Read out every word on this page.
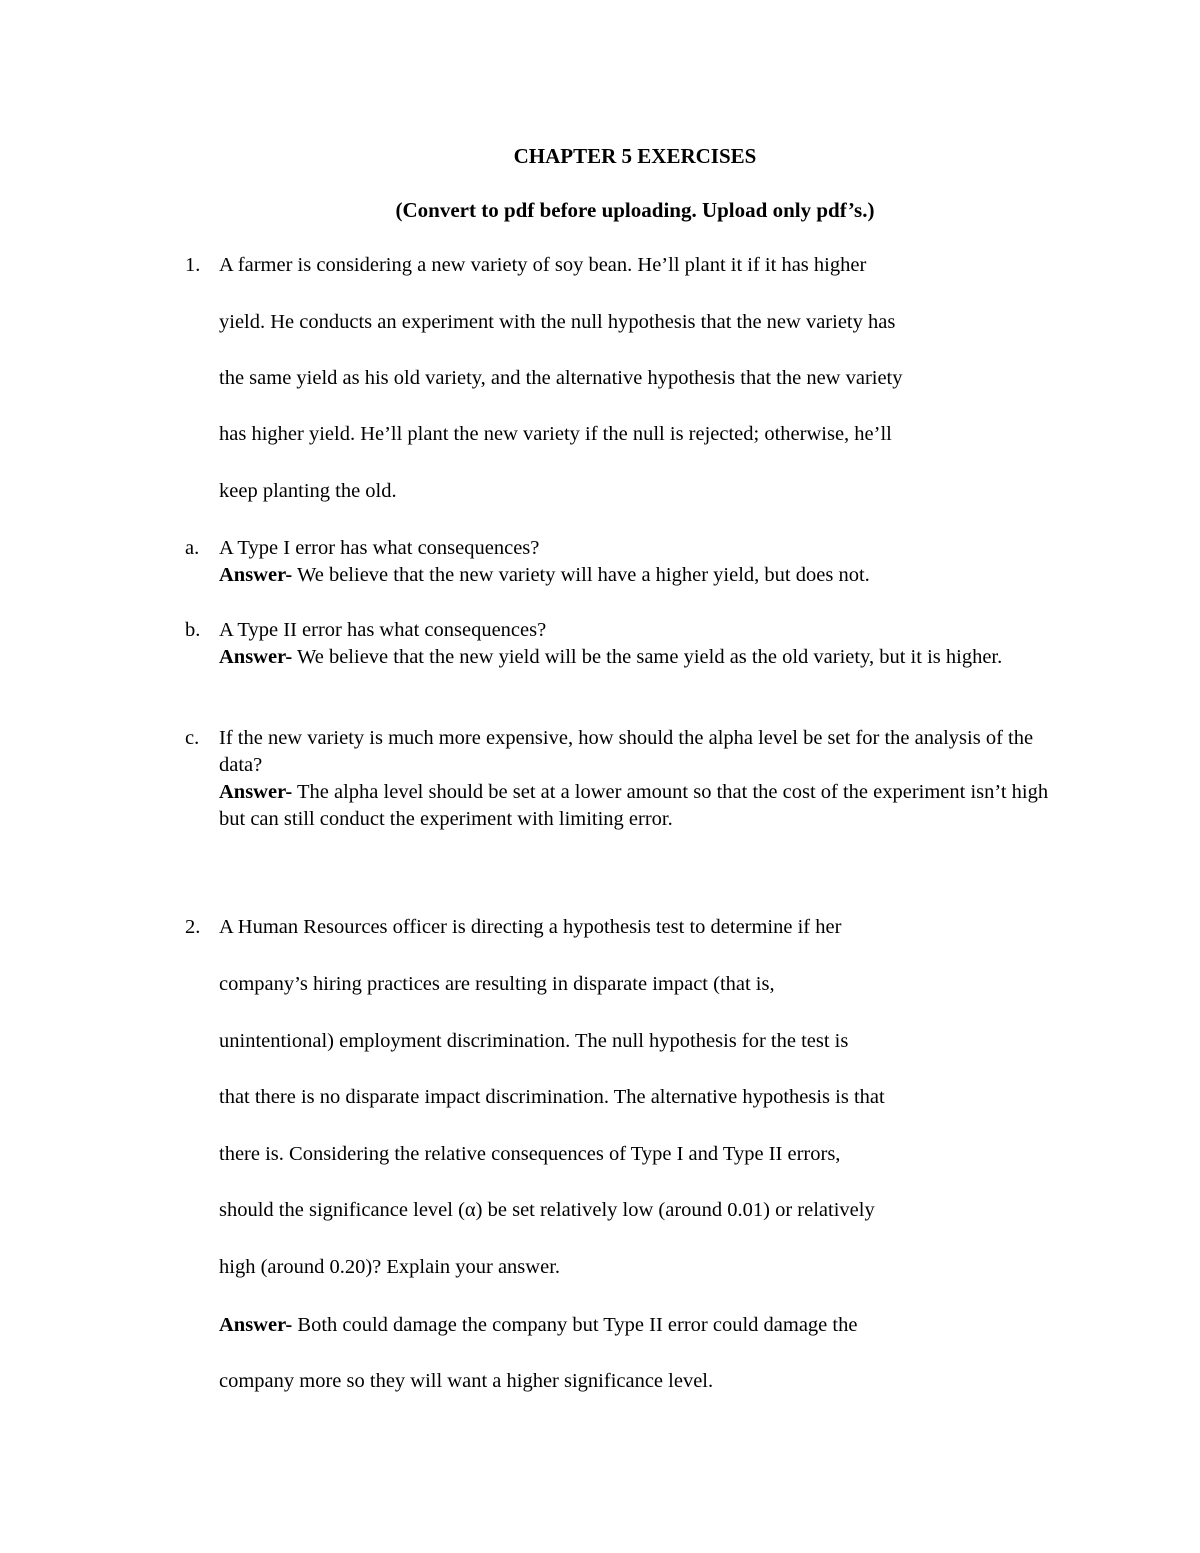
CHAPTER 5 EXERCISES
(Convert to pdf before uploading. Upload only pdf’s.)
1. A farmer is considering a new variety of soy bean. He’ll plant it if it has higher
yield. He conducts an experiment with the null hypothesis that the new variety has
the same yield as his old variety, and the alternative hypothesis that the new variety
has higher yield. He’ll plant the new variety if the null is rejected; otherwise, he’ll
keep planting the old.
a. A Type I error has what consequences?
Answer- We believe that the new variety will have a higher yield, but does not.
b. A Type II error has what consequences?
Answer- We believe that the new yield will be the same yield as the old variety, but it is higher.
c. If the new variety is much more expensive, how should the alpha level be set for the analysis of the data?
Answer- The alpha level should be set at a lower amount so that the cost of the experiment isn’t high but can still conduct the experiment with limiting error.
2. A Human Resources officer is directing a hypothesis test to determine if her
company’s hiring practices are resulting in disparate impact (that is,
unintentional) employment discrimination. The null hypothesis for the test is
that there is no disparate impact discrimination. The alternative hypothesis is that
there is. Considering the relative consequences of Type I and Type II errors,
should the significance level (α) be set relatively low (around 0.01) or relatively
high (around 0.20)? Explain your answer.
Answer- Both could damage the company but Type II error could damage the
company more so they will want a higher significance level.
